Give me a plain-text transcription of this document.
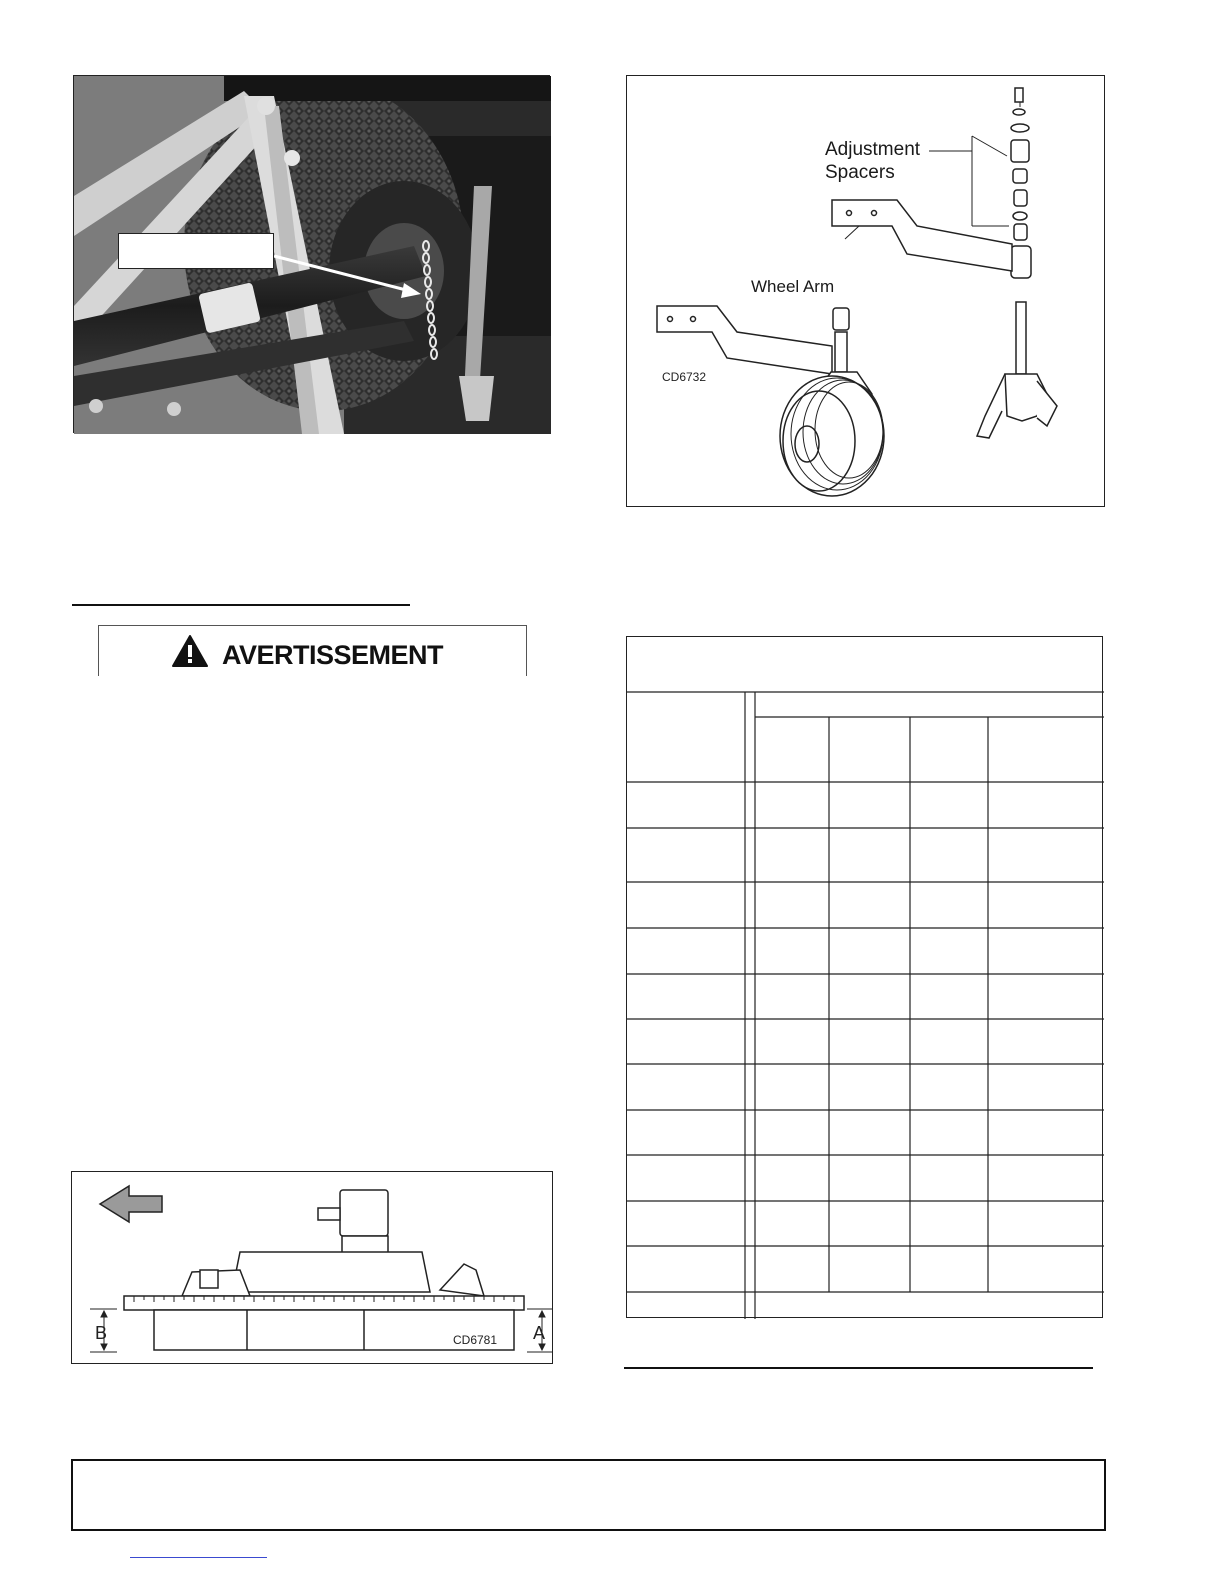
Adjustment
Spacers
Wheel Arm
CD6732
AVERTISSEMENT
B	A
CD6781
